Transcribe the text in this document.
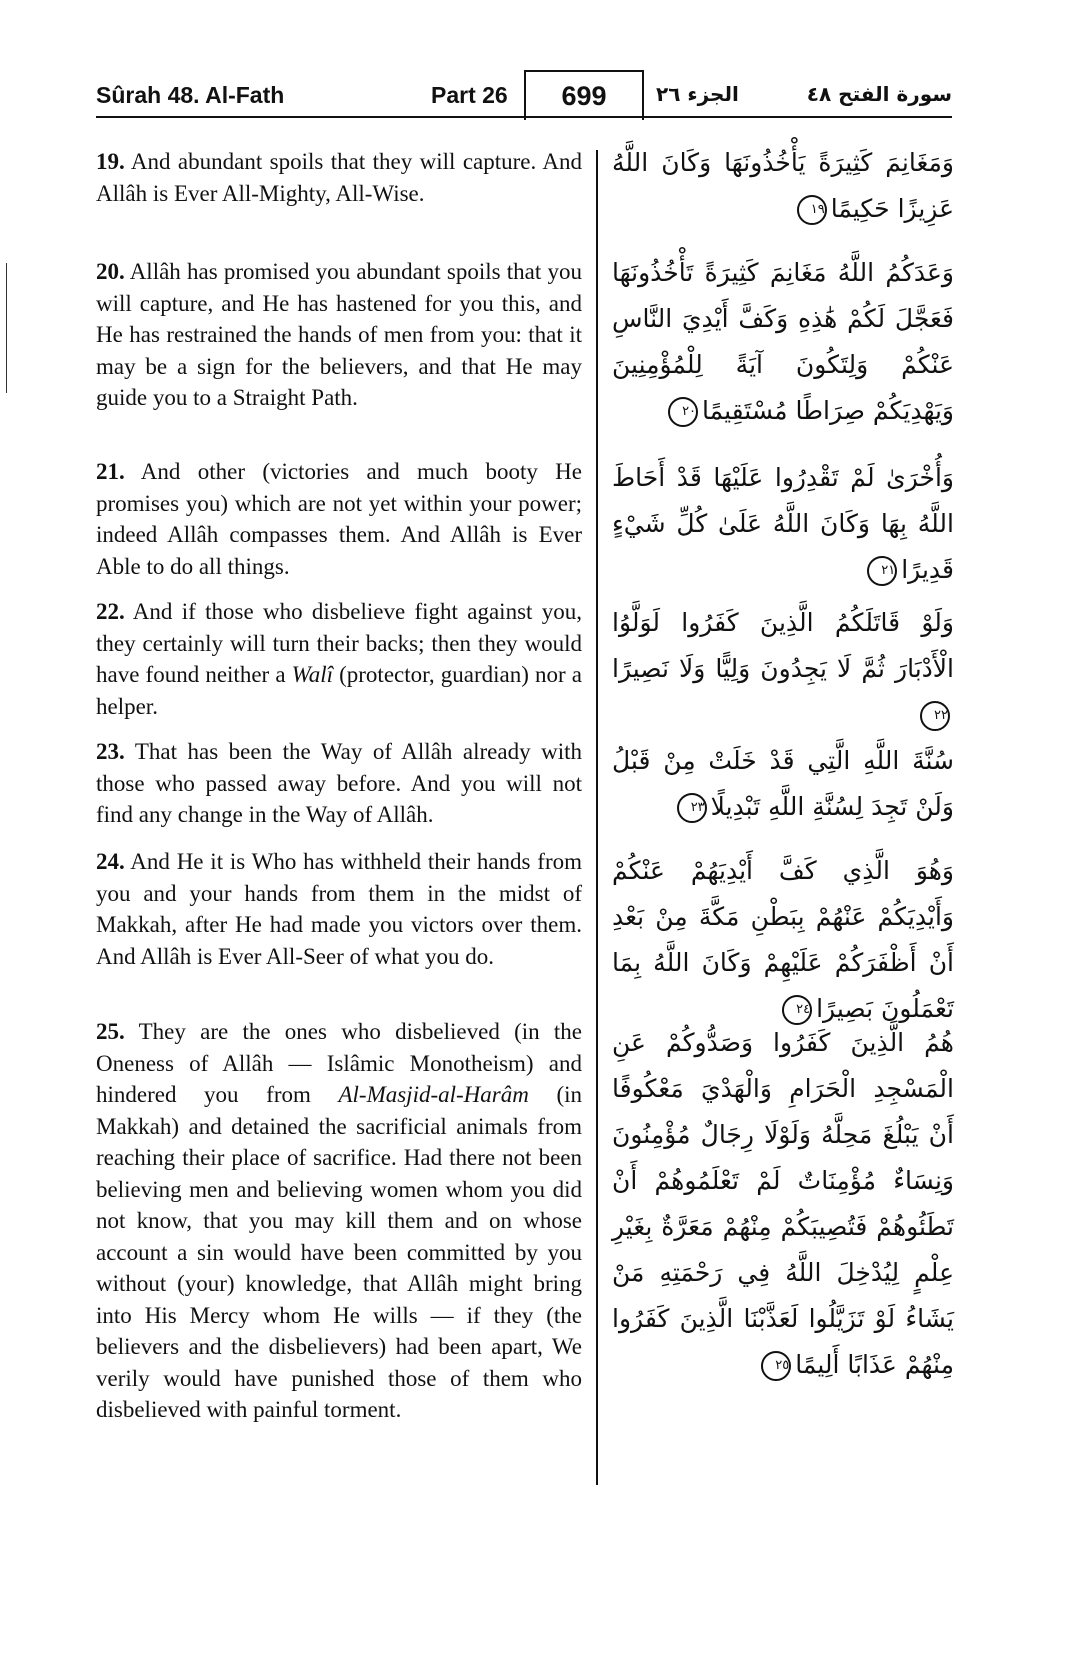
Sûrah 48. Al-Fath	Part 26	699	الجزء ٢٦	سورة الفتح ٤٨
19. And abundant spoils that they will capture. And Allâh is Ever All-Mighty, All-Wise.
20. Allâh has promised you abundant spoils that you will capture, and He has hastened for you this, and He has restrained the hands of men from you: that it may be a sign for the believers, and that He may guide you to a Straight Path.
21. And other (victories and much booty He promises you) which are not yet within your power; indeed Allâh compasses them. And Allâh is Ever Able to do all things.
22. And if those who disbelieve fight against you, they certainly will turn their backs; then they would have found neither a Walî (protector, guardian) nor a helper.
23. That has been the Way of Allâh already with those who passed away before. And you will not find any change in the Way of Allâh.
24. And He it is Who has withheld their hands from you and your hands from them in the midst of Makkah, after He had made you victors over them. And Allâh is Ever All-Seer of what you do.
25. They are the ones who disbelieved (in the Oneness of Allâh — Islâmic Monotheism) and hindered you from Al-Masjid-al-Harâm (in Makkah) and detained the sacrificial animals from reaching their place of sacrifice. Had there not been believing men and believing women whom you did not know, that you may kill them and on whose account a sin would have been committed by you without (your) knowledge, that Allâh might bring into His Mercy whom He wills — if they (the believers and the disbelievers) had been apart, We verily would have punished those of them who disbelieved with painful torment.
وَمَغَانِمَ كَثِيرَةً يَأْخُذُونَهَا وَكَانَ اللَّهُ عَزِيزًا حَكِيمًا١٩
وَعَدَكُمُ اللَّهُ مَغَانِمَ كَثِيرَةً تَأْخُذُونَهَا فَعَجَّلَ لَكُمْ هَٰذِهِ وَكَفَّ أَيْدِيَ النَّاسِ عَنْكُمْ وَلِتَكُونَ آيَةً لِلْمُؤْمِنِينَ وَيَهْدِيَكُمْ صِرَاطًا مُسْتَقِيمًا٢٠
وَأُخْرَىٰ لَمْ تَقْدِرُوا عَلَيْهَا قَدْ أَحَاطَ اللَّهُ بِهَا وَكَانَ اللَّهُ عَلَىٰ كُلِّ شَيْءٍ قَدِيرًا٢١
وَلَوْ قَاتَلَكُمُ الَّذِينَ كَفَرُوا لَوَلَّوُا الْأَدْبَارَ ثُمَّ لَا يَجِدُونَ وَلِيًّا وَلَا نَصِيرًا٢٢
سُنَّةَ اللَّهِ الَّتِي قَدْ خَلَتْ مِنْ قَبْلُ وَلَنْ تَجِدَ لِسُنَّةِ اللَّهِ تَبْدِيلًا٢٣
وَهُوَ الَّذِي كَفَّ أَيْدِيَهُمْ عَنْكُمْ وَأَيْدِيَكُمْ عَنْهُمْ بِبَطْنِ مَكَّةَ مِنْ بَعْدِ أَنْ أَظْفَرَكُمْ عَلَيْهِمْ وَكَانَ اللَّهُ بِمَا تَعْمَلُونَ بَصِيرًا٢٤
هُمُ الَّذِينَ كَفَرُوا وَصَدُّوكُمْ عَنِ الْمَسْجِدِ الْحَرَامِ وَالْهَدْيَ مَعْكُوفًا أَنْ يَبْلُغَ مَحِلَّهُ وَلَوْلَا رِجَالٌ مُؤْمِنُونَ وَنِسَاءٌ مُؤْمِنَاتٌ لَمْ تَعْلَمُوهُمْ أَنْ تَطَئُوهُمْ فَتُصِيبَكُمْ مِنْهُمْ مَعَرَّةٌ بِغَيْرِ عِلْمٍ لِيُدْخِلَ اللَّهُ فِي رَحْمَتِهِ مَنْ يَشَاءُ لَوْ تَزَيَّلُوا لَعَذَّبْنَا الَّذِينَ كَفَرُوا مِنْهُمْ عَذَابًا أَلِيمًا٢٥
